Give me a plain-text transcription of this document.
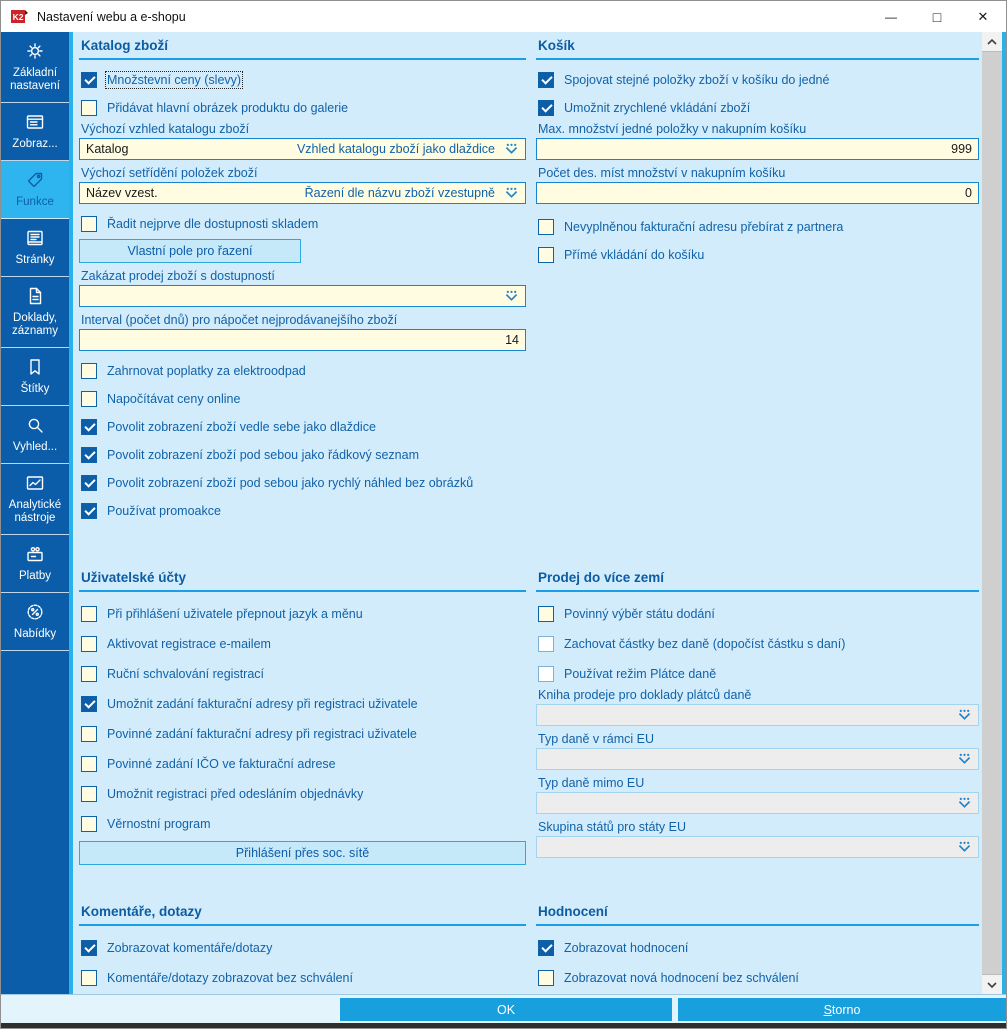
K2 Nastavení webu a e-shopu	—	□	✕
Základní nastavení
Zobraz...
Funkce
Stránky
Doklady, záznamy
Štítky
Vyhled...
Analytické nástroje
Platby
Nabídky
Katalog zboží
Množstevní ceny (slevy)
Přidávat hlavní obrázek produktu do galerie
Výchozí vzhled katalogu zboží
Katalog	Vzhled katalogu zboží jako dlaždice
Výchozí setřídění položek zboží
Název vzest.	Řazení dle názvu zboží vzestupně
Řadit nejprve dle dostupnosti skladem
Vlastní pole pro řazení
Zakázat prodej zboží s dostupností
Interval (počet dnů) pro nápočet nejprodávanejšího zboží
14
Zahrnovat poplatky za elektroodpad
Napočítávat ceny online
Povolit zobrazení zboží vedle sebe jako dlaždice
Povolit zobrazení zboží pod sebou jako řádkový seznam
Povolit zobrazení zboží pod sebou jako rychlý náhled bez obrázků
Používat promoakce
Košík
Spojovat stejné položky zboží v košíku do jedné
Umožnit zrychlené vkládání zboží
Max. množství jedné položky v nakupním košíku
999
Počet des. míst množství v nakupním košíku
0
Nevyplněnou fakturační adresu přebírat z partnera
Přímé vkládání do košíku
Uživatelské účty
Při přihlášení uživatele přepnout jazyk a měnu
Aktivovat registrace e-mailem
Ruční schvalování registrací
Umožnit zadání fakturační adresy při registraci uživatele
Povinné zadání fakturační adresy při registraci uživatele
Povinné zadání IČO ve fakturační adrese
Umožnit registraci před odesláním objednávky
Věrnostní program
Přihlášení přes soc. sítě
Prodej do více zemí
Povinný výběr státu dodání
Zachovat částky bez daně (dopočíst částku s daní)
Používat režim Plátce daně
Kniha prodeje pro doklady plátců daně
Typ daně v rámci EU
Typ daně mimo EU
Skupina států pro státy EU
Komentáře, dotazy
Zobrazovat komentáře/dotazy
Komentáře/dotazy zobrazovat bez schválení
Hodnocení
Zobrazovat hodnocení
Zobrazovat nová hodnocení bez schválení
OK	Storno
